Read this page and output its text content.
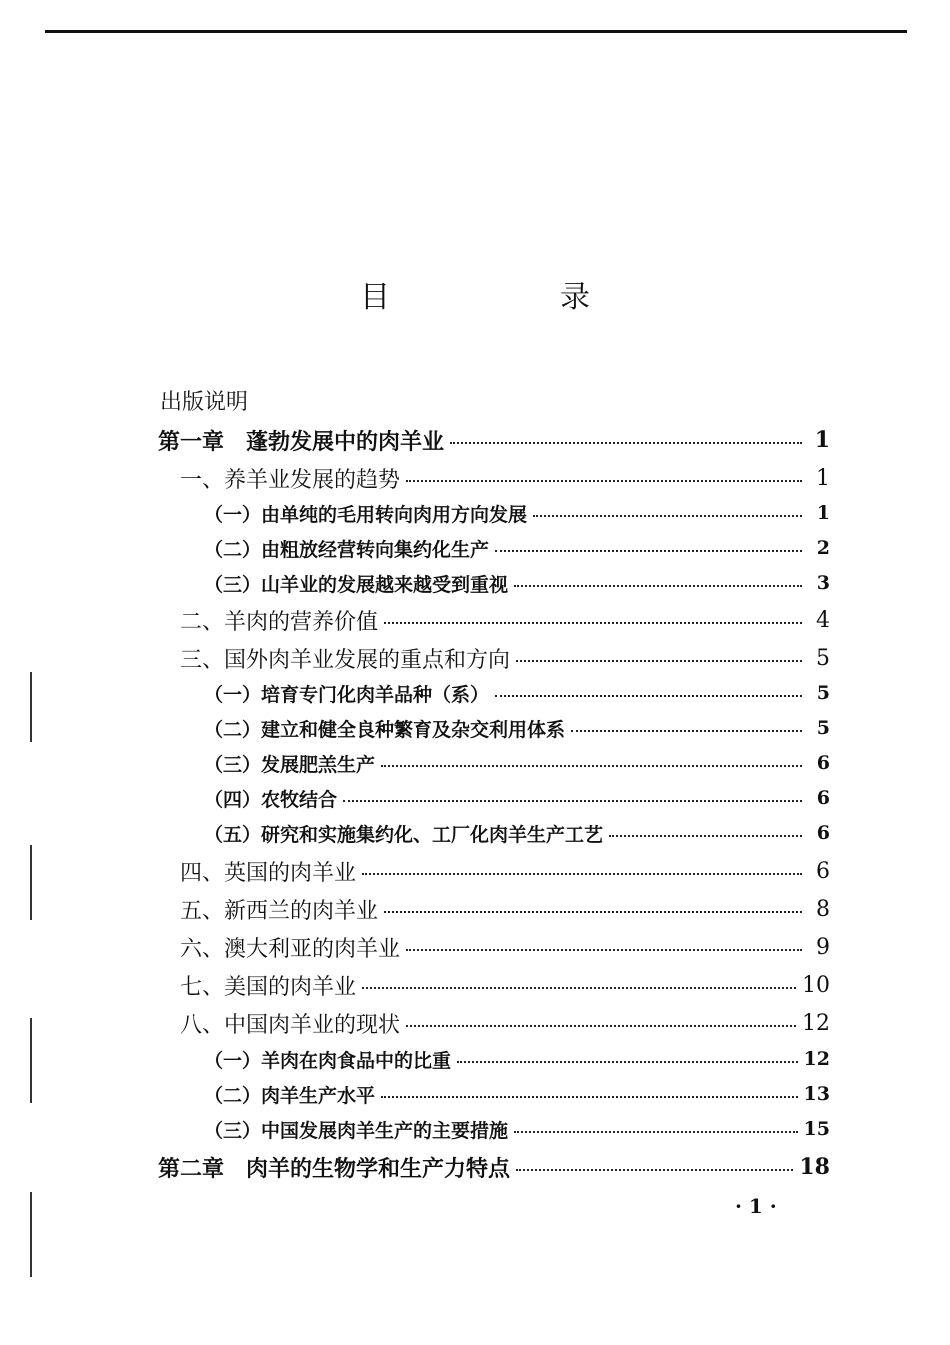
目　录
出版说明
第一章　蓬勃发展中的肉羊业	1
一、养羊业发展的趋势	1
（一）由单纯的毛用转向肉用方向发展	1
（二）由粗放经营转向集约化生产	2
（三）山羊业的发展越来越受到重视	3
二、羊肉的营养价值	4
三、国外肉羊业发展的重点和方向	5
（一）培育专门化肉羊品种（系）	5
（二）建立和健全良种繁育及杂交利用体系	5
（三）发展肥羔生产	6
（四）农牧结合	6
（五）研究和实施集约化、工厂化肉羊生产工艺	6
四、英国的肉羊业	6
五、新西兰的肉羊业	8
六、澳大利亚的肉羊业	9
七、美国的肉羊业	10
八、中国肉羊业的现状	12
（一）羊肉在肉食品中的比重	12
（二）肉羊生产水平	13
（三）中国发展肉羊生产的主要措施	15
第二章　肉羊的生物学和生产力特点	18
· 1 ·
